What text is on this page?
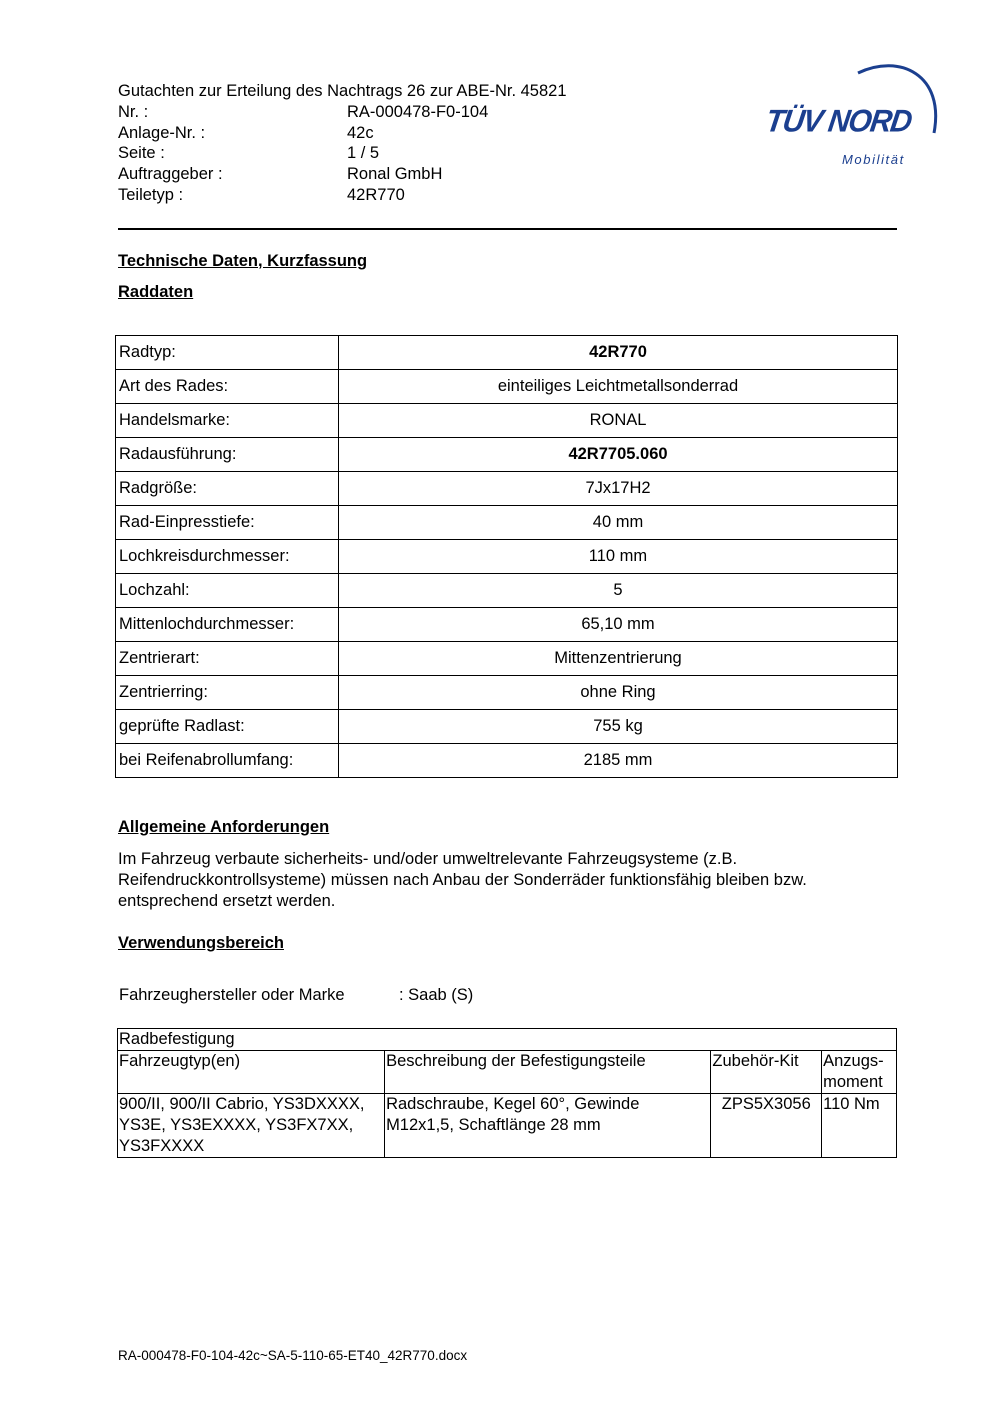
Gutachten zur Erteilung des Nachtrags 26 zur ABE-Nr. 45821
Nr. :	RA-000478-F0-104
Anlage-Nr. :	42c
Seite :	1 / 5
Auftraggeber :	Ronal GmbH
Teiletyp :	42R770
TÜV NORD
Mobilität
Technische Daten, Kurzfassung
Raddaten
Radtyp:	42R770
Art des Rades:	einteiliges Leichtmetallsonderrad
Handelsmarke:	RONAL
Radausführung:	42R7705.060
Radgröße:	7Jx17H2
Rad-Einpresstiefe:	40 mm
Lochkreisdurchmesser:	110 mm
Lochzahl:	5
Mittenlochdurchmesser:	65,10 mm
Zentrierart:	Mittenzentrierung
Zentrierring:	ohne Ring
geprüfte Radlast:	755 kg
bei Reifenabrollumfang:	2185 mm
Allgemeine Anforderungen
Im Fahrzeug verbaute sicherheits- und/oder umweltrelevante Fahrzeugsysteme (z.B. Reifendruckkontrollsysteme) müssen nach Anbau der Sonderräder funktionsfähig bleiben bzw. entsprechend ersetzt werden.
Verwendungsbereich
Fahrzeughersteller oder Marke	: Saab (S)
Radbefestigung			
Fahrzeugtyp(en)	Beschreibung der Befestigungsteile	Zubehör-Kit	Anzugs-moment
900/II, 900/II Cabrio, YS3DXXXX, YS3E, YS3EXXXX, YS3FX7XX, YS3FXXXX	Radschraube, Kegel 60°, Gewinde M12x1,5, Schaftlänge 28 mm	ZPS5X3056	110 Nm
RA-000478-F0-104-42c~SA-5-110-65-ET40_42R770.docx
